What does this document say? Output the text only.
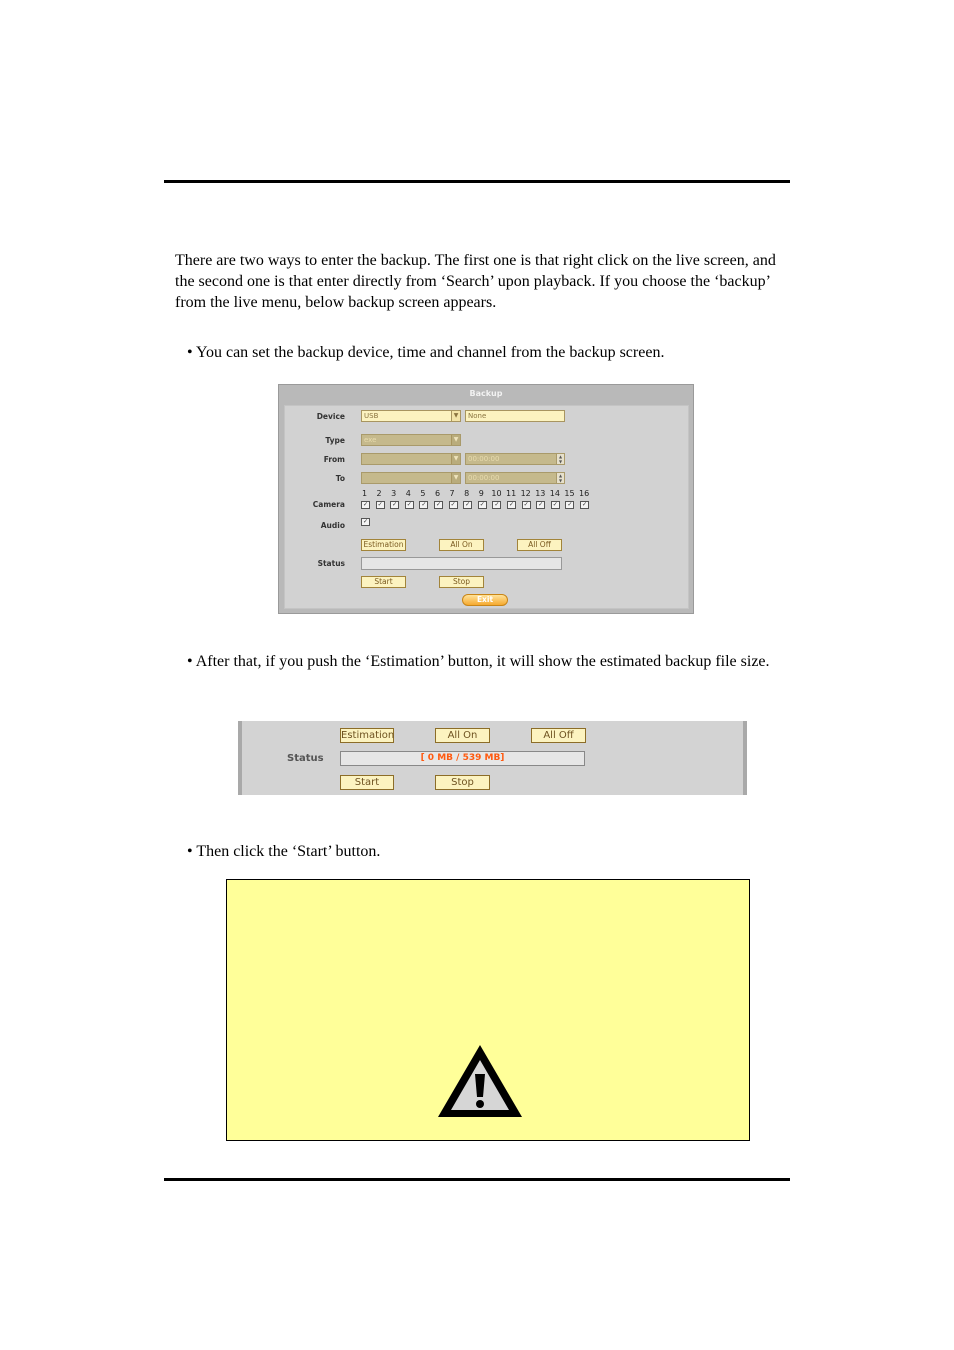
There are two ways to enter the backup. The first one is that right click on the live screen, and the second one is that enter directly from ‘Search’ upon playback. If you choose the ‘backup’ from the live menu, below backup screen appears.

• You can set the backup device, time and channel from the backup screen.

Backup
Device	USB	▼	None
Type	exe	▼
From	▼	00:00:00	▲
▼
To	▼	00:00:00	▲
▼
Camera
1 2 3 4 5 6 7 8 9 10 11 12 13 14 15 16
✓	✓	✓	✓	✓	✓	✓	✓	✓	✓	✓	✓	✓	✓	✓	✓
Audio	✓
Estimation	All On	All Off
Status
Start	Stop
Exit

• After that, if you push the ‘Estimation’ button, it will show the estimated backup file size.

Estimation	All On	All Off
Status	[ 0 MB / 539 MB]
Start	Stop

• Then click the ‘Start’ button.
